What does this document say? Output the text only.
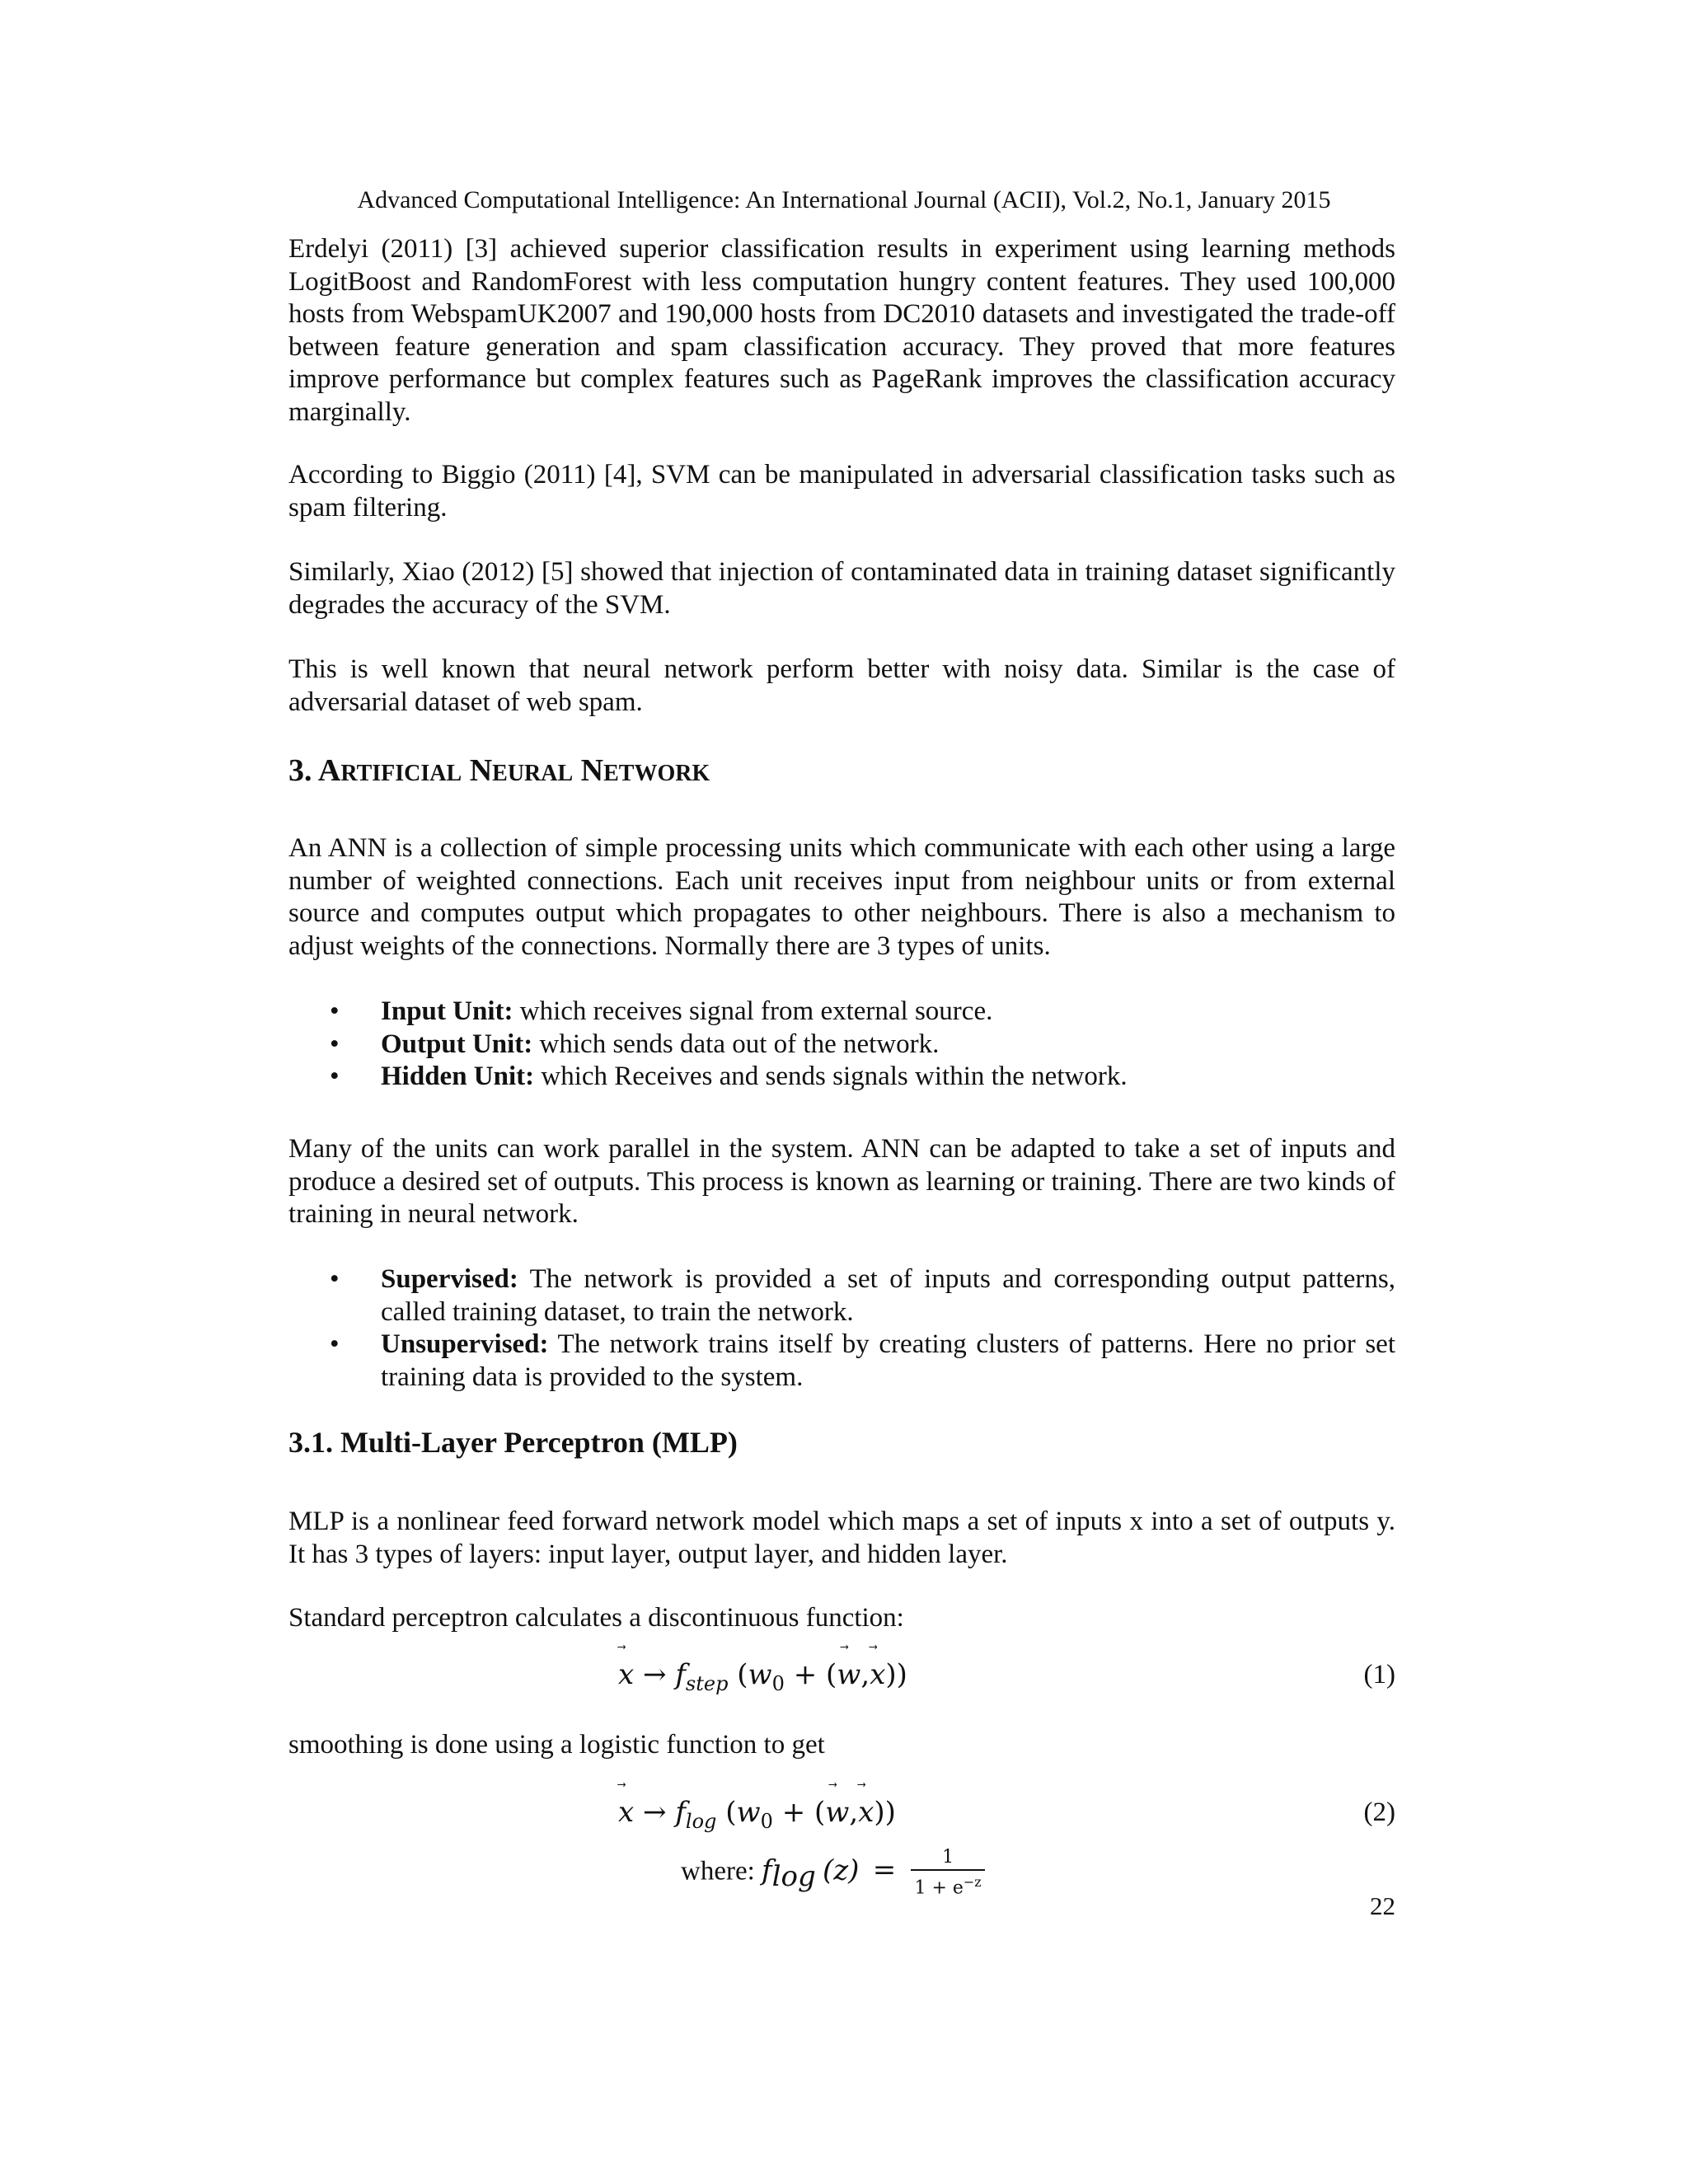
Advanced Computational Intelligence: An International Journal (ACII), Vol.2, No.1, January 2015

Erdelyi (2011) [3] achieved superior classification results in experiment using learning methods LogitBoost and RandomForest with less computation hungry content features. They used 100,000 hosts from WebspamUK2007 and 190,000 hosts from DC2010 datasets and investigated the trade-off between feature generation and spam classification accuracy. They proved that more features improve performance but complex features such as PageRank improves the classification accuracy marginally.

According to Biggio (2011) [4], SVM can be manipulated in adversarial classification tasks such as spam filtering.

Similarly, Xiao (2012) [5] showed that injection of contaminated data in training dataset significantly degrades the accuracy of the SVM.

This is well known that neural network perform better with noisy data. Similar is the case of adversarial dataset of web spam.

3. ARTIFICIAL NEURAL NETWORK

An ANN is a collection of simple processing units which communicate with each other using a large number of weighted connections. Each unit receives input from neighbour units or from external source and computes output which propagates to other neighbours. There is also a mechanism to adjust weights of the connections. Normally there are 3 types of units.

• Input Unit: which receives signal from external source.
• Output Unit: which sends data out of the network.
• Hidden Unit: which Receives and sends signals within the network.

Many of the units can work parallel in the system. ANN can be adapted to take a set of inputs and produce a desired set of outputs. This process is known as learning or training. There are two kinds of training in neural network.

• Supervised: The network is provided a set of inputs and corresponding output patterns, called training dataset, to train the network.
• Unsupervised: The network trains itself by creating clusters of patterns. Here no prior set training data is provided to the system.
3.1. Multi-Layer Perceptron (MLP)

MLP is a nonlinear feed forward network model which maps a set of inputs x into a set of outputs y. It has 3 types of layers: input layer, output layer, and hidden layer.

Standard perceptron calculates a discontinuous function:

$x \to f_{step}$ ($w_0 + (w$
,x
))	(1)

smoothing is done using a logistic function to get

$x \to f_{log}$ ($w_0 + (w$
,x
))	(2)
where: $f_{log}$ $(z) = \frac{1}{1 + e^{-z}}$
22
